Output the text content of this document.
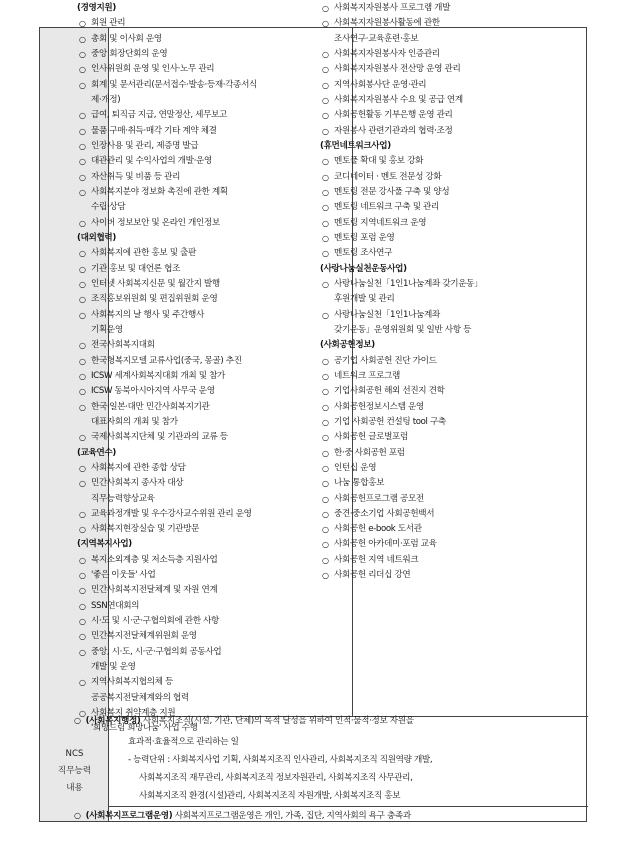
NCS
직무능력
내용
(경영지원)
○ 회원 관리
○ 총회 및 이사회 운영
○ 중앙 회장단회의 운영
○ 인사위원회 운영 및 인사·노무 관리
○ 회계 및 문서관리(문서접수·발송·등재·각종서식
제·개정)
○ 급여, 퇴직금 지급, 연말정산, 세무보고
○ 물품 구매·취득·매각 기타 계약 체결
○ 인장사용 및 관리, 제증명 발급
○ 대관관리 및 수익사업의 개발·운영
○ 자산취득 및 비품 등 관리
○ 사회복지분야 정보화 촉진에 관한 계획
수립·상담
○ 사이버 정보보안 및 온라인 개인정보
(대외협력)
○ 사회복지에 관한 홍보 및 출판
○ 기관 홍보 및 대언론 협조
○ 인터넷 사회복지신문 및 월간지 발행
○ 조직홍보위원회 및 편집위원회 운영
○ 사회복지의 날 행사 및 주간행사
기획운영
○ 전국사회복지대회
○ 한국형복지모델 교류사업(중국, 몽골) 추진
○ ICSW 세계사회복지대회 개최 및 참가
○ ICSW 동북아시아지역 사무국 운영
○ 한국·일본·대만 민간사회복지기관
대표자회의 개최 및 참가
○ 국제사회복지단체 및 기관과의 교류 등
(교육연수)
○ 사회복지에 관한 종합 상담
○ 민간사회복지 종사자 대상
직무능력향상교육
○ 교육과정개발 및 우수강사교수위원 관리 운영
○ 사회복지현장실습 및 기관방문
(지역복지사업)
○ 복지소외계층 및 저소득층 지원사업
○ '좋은 이웃들' 사업
○ 민간사회복지전달체계 및 자원 연계
○ SSN연대회의
○ 시·도 및 시·군·구협의회에 관한 사항
○ 민간복지전달체계위원회 운영
○ 중앙, 시·도, 시·군·구협의회 공동사업
개발 및 운영
○ 지역사회복지협의체 등
공공복지전달체계와의 협력
○ 사회복지 취약계층 지원
'희망드림 희망나눔' 사업 수행
○ 사회복지자원봉사 프로그램 개발
○ 사회복지자원봉사활동에 관한
조사연구·교육훈련·홍보
○ 사회복지자원봉사자 인증관리
○ 사회복지자원봉사 전산망 운영 관리
○ 지역사회봉사단 운영·관리
○ 사회복지자원봉사 수요 및 공급 연계
○ 사회공헌활동 기부은행 운영 관리
○ 자원봉사 관련기관과의 협력·조정
(휴먼네트워크사업)
○ 멘토풀 확대 및 홍보 강화
○ 코디네이터 · 멘토 전문성 강화
○ 멘토링 전문 강사풀 구축 및 양성
○ 멘토링 네트워크 구축 및 관리
○ 멘토링 지역네트워크 운영
○ 멘토링 포럼 운영
○ 멘토링 조사연구
(사랑나눔실천운동사업)
○ 사랑나눔실천「1인1나눔계좌 갖기운동」
후원개발 및 관리
○ 사랑나눔실천「1인1나눔계좌
갖기운동」운영위원회 및 일반 사항 등
(사회공헌정보)
○ 공기업 사회공헌 진단 가이드
○ 네트워크 프로그램
○ 기업사회공헌 해외 선진지 견학
○ 사회공헌정보시스템 운영
○ 기업 사회공헌 컨설팅 tool 구축
○ 사회공헌 글로벌포럼
○ 한·중 사회공헌 포럼
○ 인턴십 운영
○ 나눔 통합홍보
○ 사회공헌프로그램 공모전
○ 중견·중소기업 사회공헌백서
○ 사회공헌 e-book 도서관
○ 사회공헌 아카데미·포럼 교육
○ 사회공헌 지역 네트워크
○ 사회공헌 리더십 강연
○ (사회복지행정) 사회복지조직(시설, 기관, 단체)의 목적 달성을 위하여 인적·물적·정보 자원을
효과적·효율적으로 관리하는 일
- 능력단위 : 사회복지사업 기획, 사회복지조직 인사관리, 사회복지조직 직원역량 개발,
사회복지조직 재무관리, 사회복지조직 정보자원관리, 사회복지조직 사무관리,
사회복지조직 환경(시설)관리, 사회복지조직 자원개발, 사회복지조직 홍보
○ (사회복지프로그램운영) 사회복지프로그램운영은 개인, 가족, 집단, 지역사회의 욕구 충족과
